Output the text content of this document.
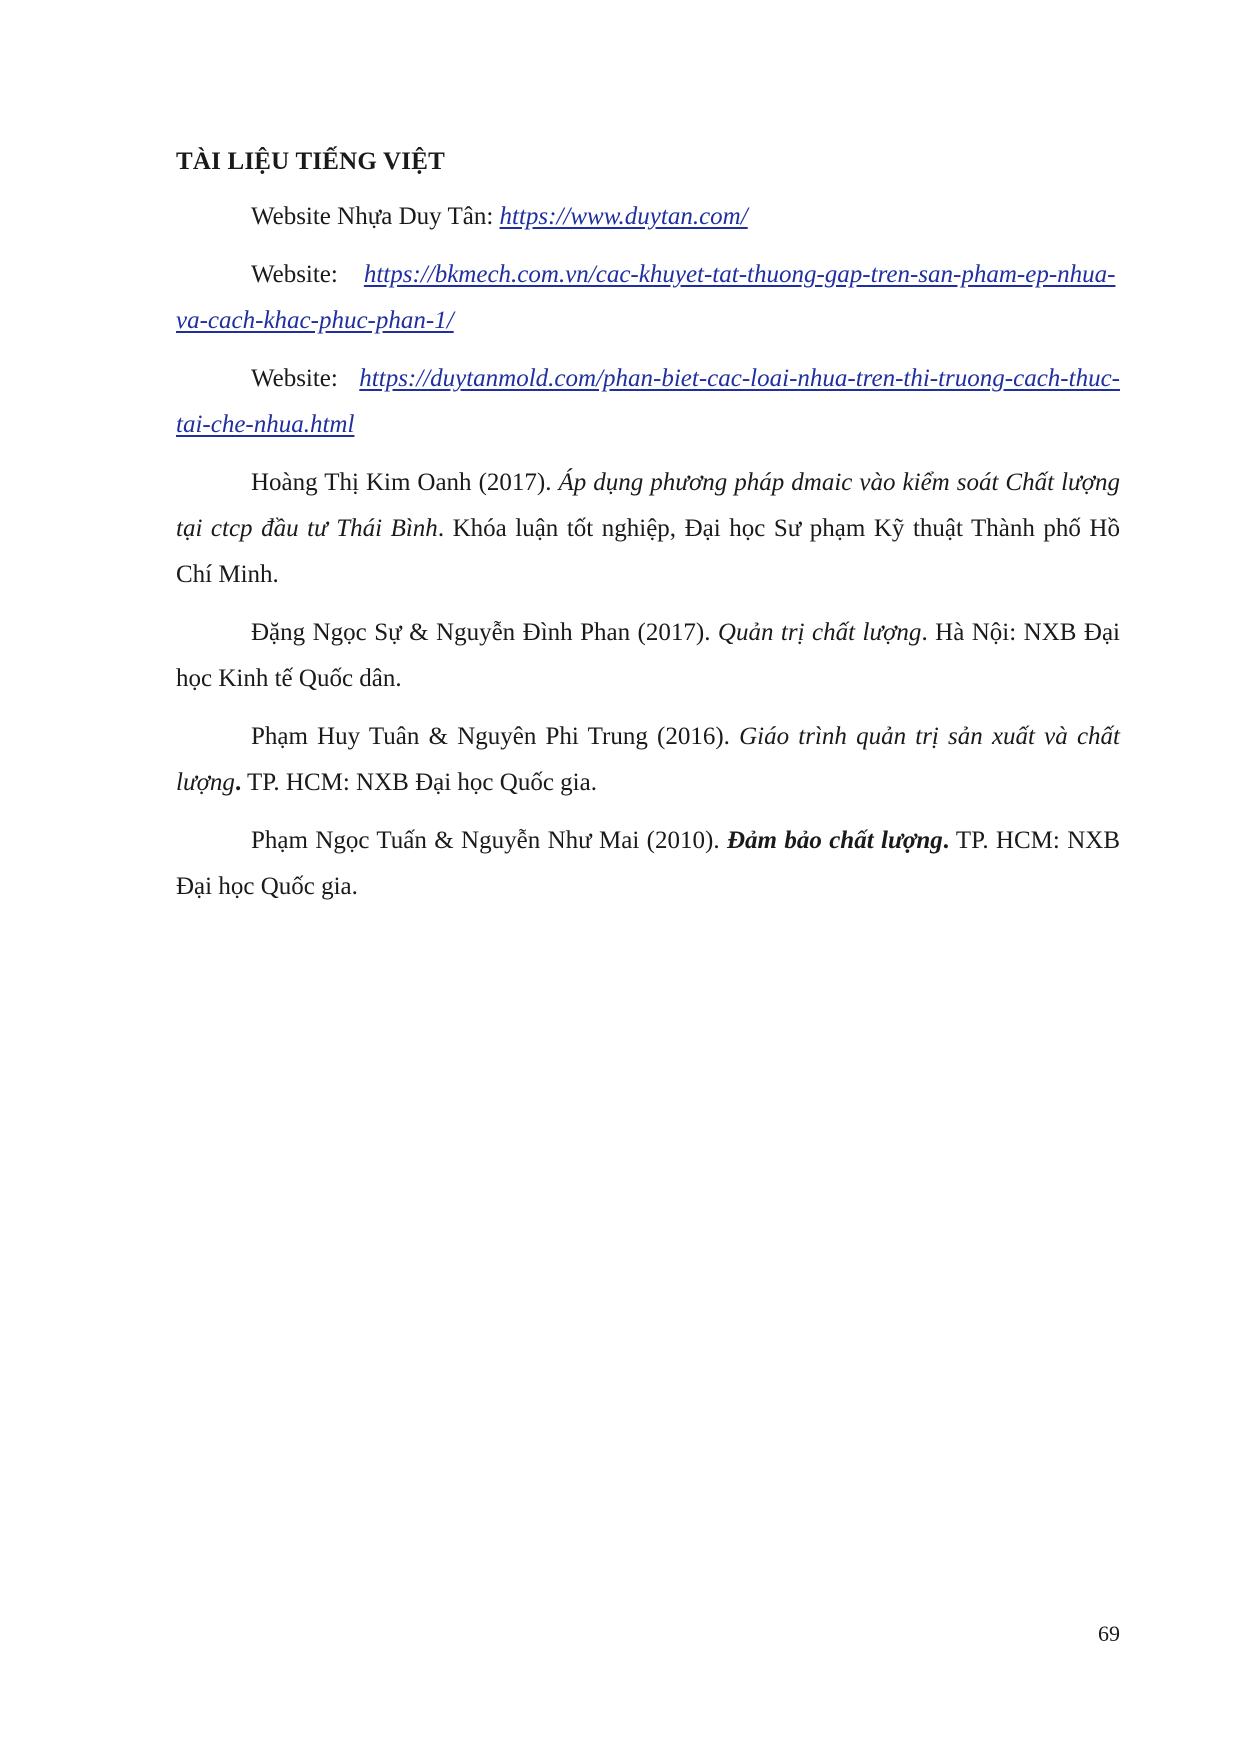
TÀI LIỆU TIẾNG VIỆT

Website Nhựa Duy Tân: https://www.duytan.com/

Website: https://bkmech.com.vn/cac-khuyet-tat-thuong-gap-tren-san-pham-ep-nhua-va-cach-khac-phuc-phan-1/

Website: https://duytanmold.com/phan-biet-cac-loai-nhua-tren-thi-truong-cach-thuc-tai-che-nhua.html

Hoàng Thị Kim Oanh (2017). Áp dụng phương pháp dmaic vào kiểm soát Chất lượng tại ctcp đầu tư Thái Bình. Khóa luận tốt nghiệp, Đại học Sư phạm Kỹ thuật Thành phố Hồ Chí Minh.

Đặng Ngọc Sự & Nguyễn Đình Phan (2017). Quản trị chất lượng. Hà Nội: NXB Đại học Kinh tế Quốc dân.

Phạm Huy Tuân & Nguyên Phi Trung (2016). Giáo trình quản trị sản xuất và chất lượng. TP. HCM: NXB Đại học Quốc gia.

Phạm Ngọc Tuấn & Nguyễn Như Mai (2010). Đảm bảo chất lượng. TP. HCM: NXB Đại học Quốc gia.

69
